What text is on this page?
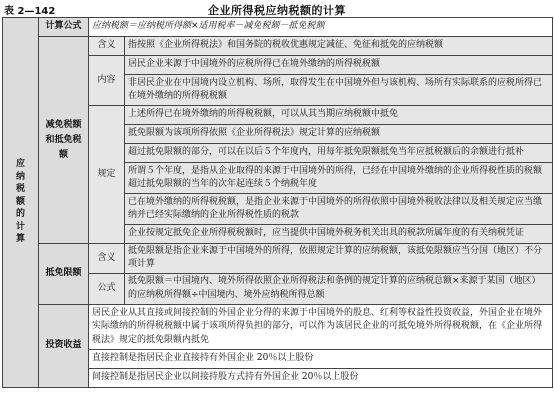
表 2—142	企业所得税应纳税额的计算
应纳税额的计算	计算公式	应纳税额＝应纳税所得额×适用税率－减免税额－抵免税额	

	减免税额和抵免税额	含义	指按照《企业所得税法》和国务院的税收优惠规定减征、免征和抵免的应纳税额
		内容	居民企业来源于中国境外的应税所得已在境外缴纳的所得税税额
			非居民企业在中国境内设立机构、场所，取得发生在中国境外但与该机构、场所有实际联系的应税所得已在境外缴纳的所得税税额
		规定	上述所得已在境外缴纳的所得税税额，可以从其当期应纳税额中抵免
			抵免限额为该项所得依照《企业所得税法》规定计算的应纳税额
			超过抵免限额的部分，可以在以后５个年度内，用每年抵免限额抵免当年应抵税额后的余额进行抵补
			所谓５个年度，是指从企业取得的来源于中国境外的所得，已经在中国境外缴纳的企业所得税性质的税额超过抵免限额的当年的次年起连续５个纳税年度
			已在境外缴纳的所得税税额，是指企业来源于中国境外的所得依照中国境外税收法律以及相关规定应当缴纳并已经实际缴纳的企业所得税性质的税款
			企业按规定抵免企业所得税税额时，应当提供中国境外税务机关出具的税款所属年度的有关纳税凭证
	抵免限额	含义	抵免限额是指企业来源于中国境外的所得，依照规定计算的应纳税额，该抵免限额应当分国（地区）不分项计算
		公式	抵免限额＝中国境内、境外所得依照企业所得税法和条例的规定计算的应纳税总额×来源于某国（地区）的应纳税所得额÷中国境内、境外应纳税所得总额
	投资收益	居民企业从其直接或间接控制的外国企业分得的来源于中国境外的股息、红利等权益性投资收益，外国企业在境外实际缴纳的所得税税额中属于该项所得负担的部分，可以作为该居民企业的可抵免境外所得税税额，在《企业所得税法》规定的抵免限额内抵免	
		直接控制是指居民企业直接持有外国企业 20％以上股份	
		间接控制是指居民企业以间接持股方式持有外国企业 20％以上股份	
